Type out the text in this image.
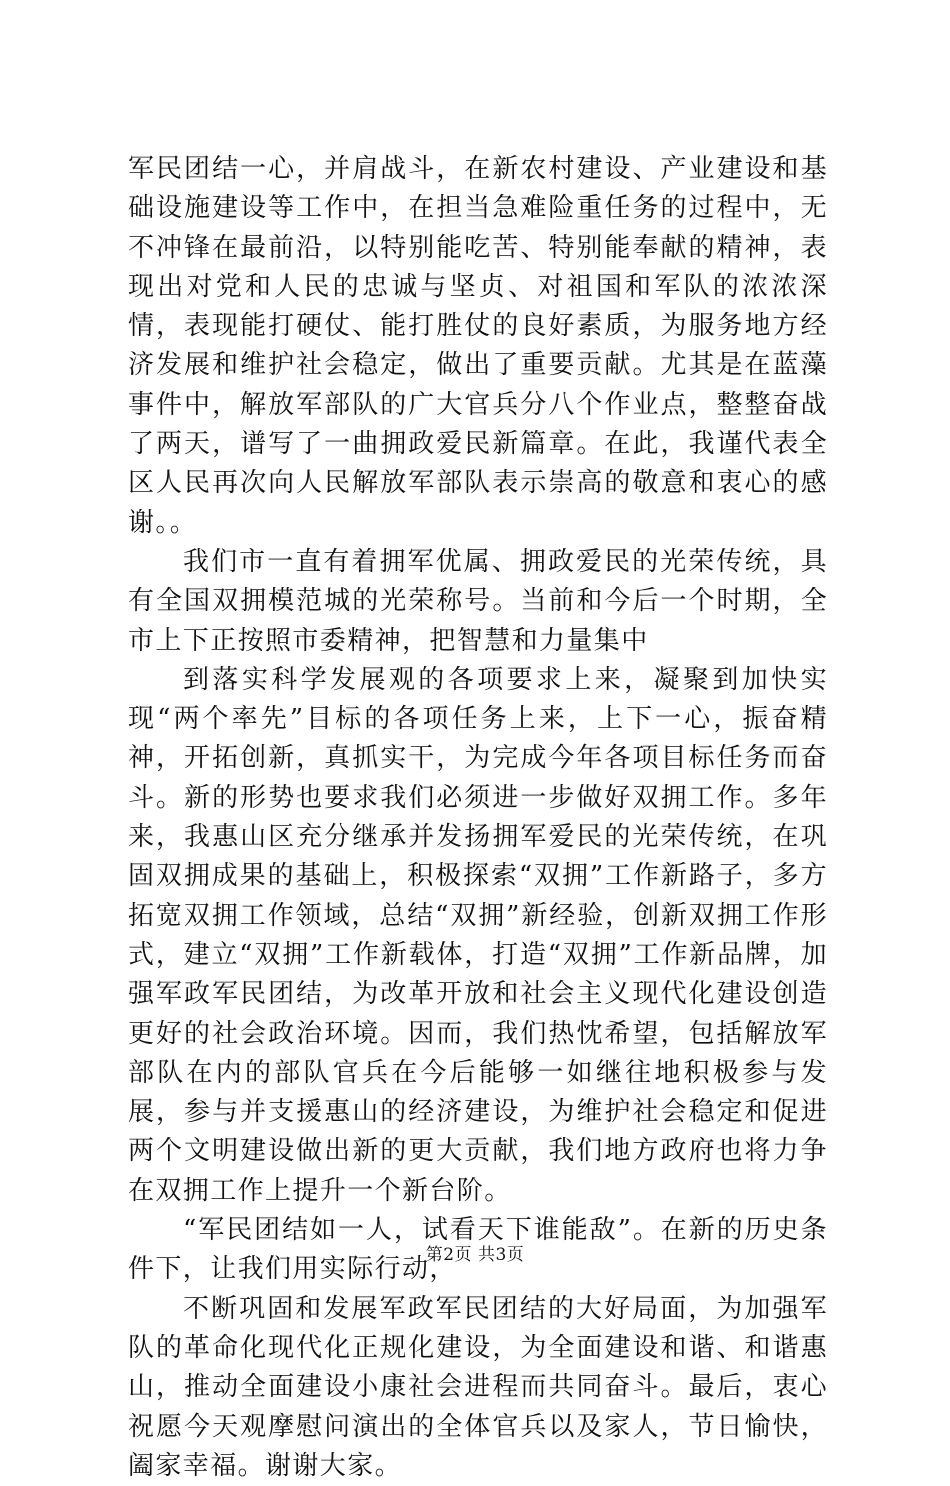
军民团结一心，并肩战斗，在新农村建设、产业建设和基础设施建设等工作中，在担当急难险重任务的过程中，无不冲锋在最前沿，以特别能吃苦、特别能奉献的精神，表现出对党和人民的忠诚与坚贞、对祖国和军队的浓浓深情，表现能打硬仗、能打胜仗的良好素质，为服务地方经济发展和维护社会稳定，做出了重要贡献。尤其是在蓝藻事件中，解放军部队的广大官兵分八个作业点，整整奋战了两天，谱写了一曲拥政爱民新篇章。在此，我谨代表全区人民再次向人民解放军部队表示崇高的敬意和衷心的感谢。。

我们市一直有着拥军优属、拥政爱民的光荣传统，具有全国双拥模范城的光荣称号。当前和今后一个时期，全市上下正按照市委精神，把智慧和力量集中

到落实科学发展观的各项要求上来，凝聚到加快实现“两个率先”目标的各项任务上来，上下一心，振奋精神，开拓创新，真抓实干，为完成今年各项目标任务而奋斗。新的形势也要求我们必须进一步做好双拥工作。多年来，我惠山区充分继承并发扬拥军爱民的光荣传统，在巩固双拥成果的基础上，积极探索“双拥”工作新路子，多方拓宽双拥工作领域，总结“双拥”新经验，创新双拥工作形式，建立“双拥”工作新载体，打造“双拥”工作新品牌，加强军政军民团结，为改革开放和社会主义现代化建设创造更好的社会政治环境。因而，我们热忱希望，包括解放军部队在内的部队官兵在今后能够一如继往地积极参与发展，参与并支援惠山的经济建设，为维护社会稳定和促进两个文明建设做出新的更大贡献，我们地方政府也将力争在双拥工作上提升一个新台阶。

“军民团结如一人，试看天下谁能敌”。在新的历史条件下，让我们用实际行动，

不断巩固和发展军政军民团结的大好局面，为加强军队的革命化现代化正规化建设，为全面建设和谐、和谐惠山，推动全面建设小康社会进程而共同奋斗。最后，衷心祝愿今天观摩慰问演出的全体官兵以及家人，节日愉快，阖家幸福。谢谢大家。

第2页 共3页
